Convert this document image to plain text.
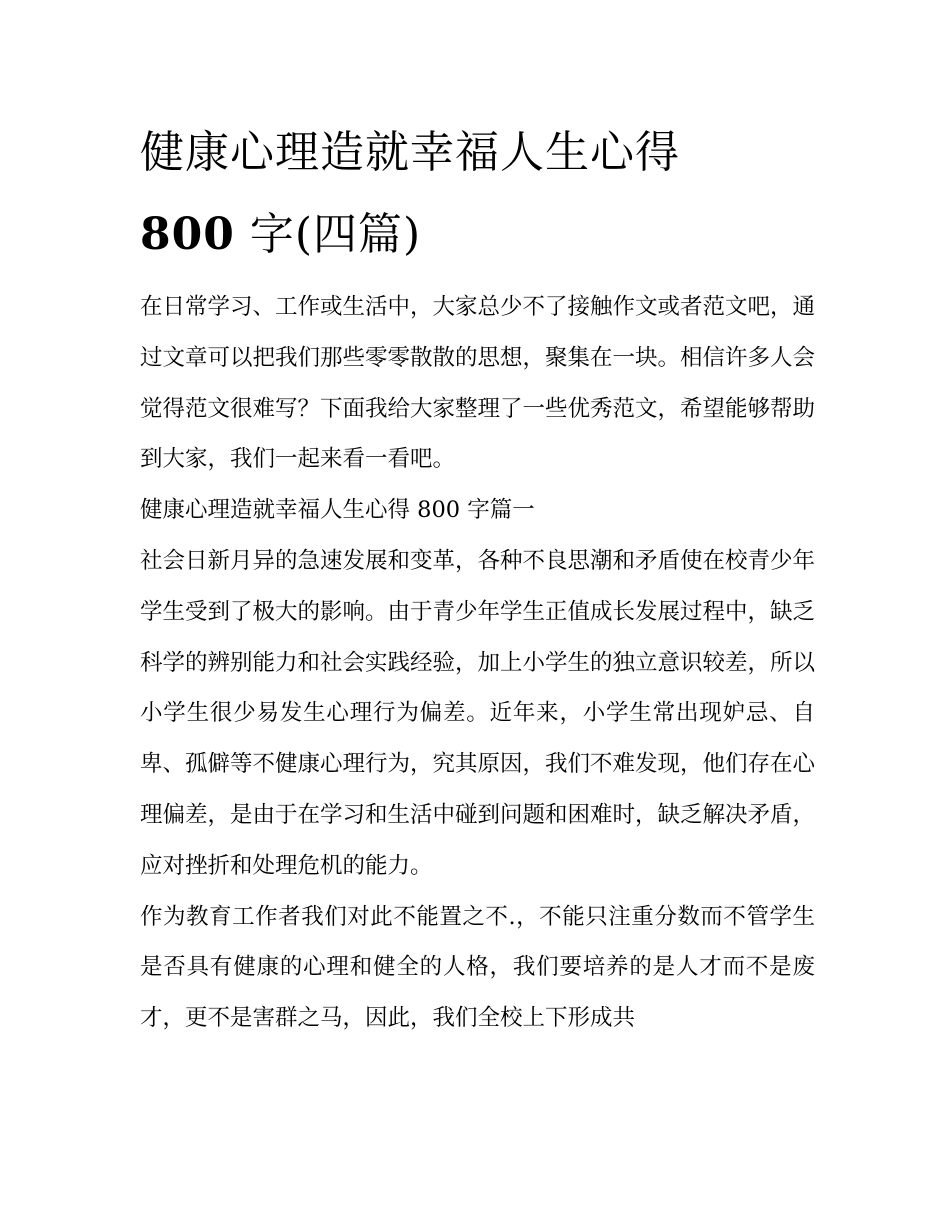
健康心理造就幸福人生心得
800 字(四篇)

在日常学习、工作或生活中，大家总少不了接触作文或者范文吧，通过文章可以把我们那些零零散散的思想，聚集在一块。相信许多人会觉得范文很难写？下面我给大家整理了一些优秀范文，希望能够帮助到大家，我们一起来看一看吧。

健康心理造就幸福人生心得 800 字篇一

社会日新月异的急速发展和变革，各种不良思潮和矛盾使在校青少年学生受到了极大的影响。由于青少年学生正值成长发展过程中，缺乏科学的辨别能力和社会实践经验，加上小学生的独立意识较差，所以小学生很少易发生心理行为偏差。近年来，小学生常出现妒忌、自卑、孤僻等不健康心理行为，究其原因，我们不难发现，他们存在心理偏差，是由于在学习和生活中碰到问题和困难时，缺乏解决矛盾，应对挫折和处理危机的能力。

作为教育工作者我们对此不能置之不.，不能只注重分数而不管学生是否具有健康的心理和健全的人格，我们要培养的是人才而不是废才，更不是害群之马，因此，我们全校上下形成共
